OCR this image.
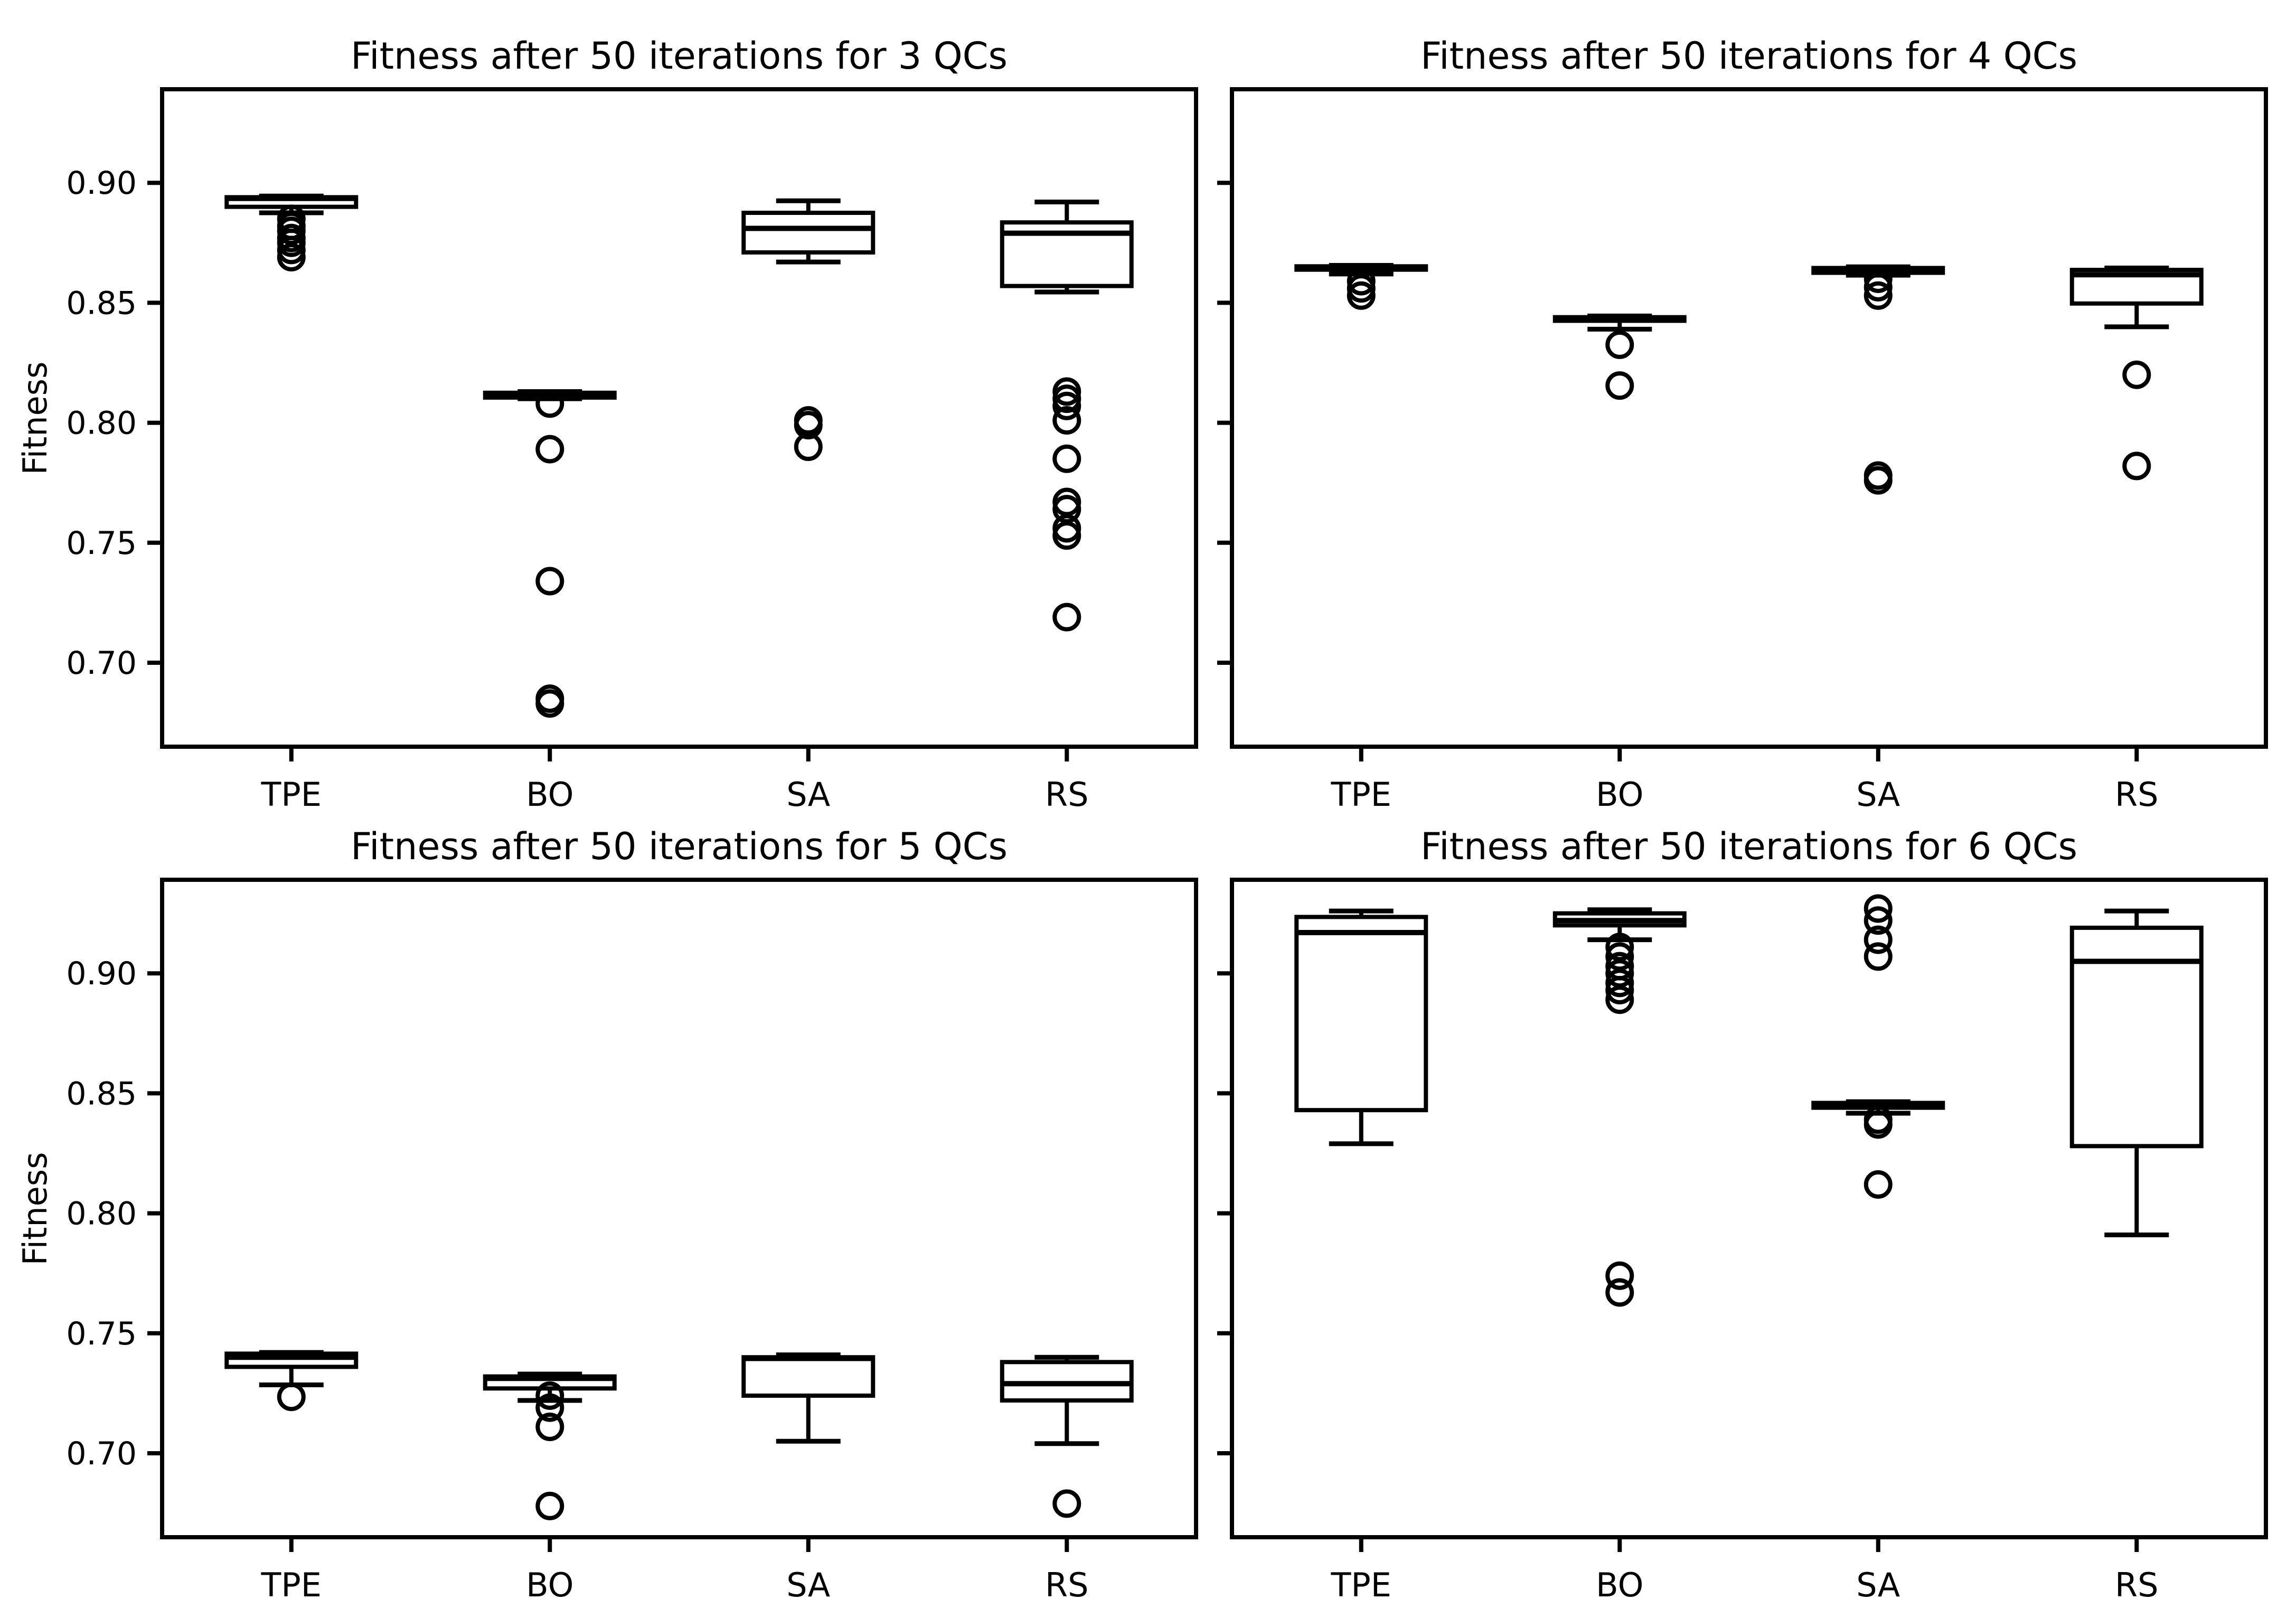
Fitness after 50 iterations for 3 QCs
Fitness
0.70
0.75
0.80
0.85
0.90
TPE	BO	SA	RS
Fitness after 50 iterations for 4 QCs
TPE	BO	SA	RS
Fitness after 50 iterations for 5 QCs
Fitness
0.70
0.75
0.80
0.85
0.90
TPE	BO	SA	RS
Fitness after 50 iterations for 6 QCs
TPE	BO	SA	RS
